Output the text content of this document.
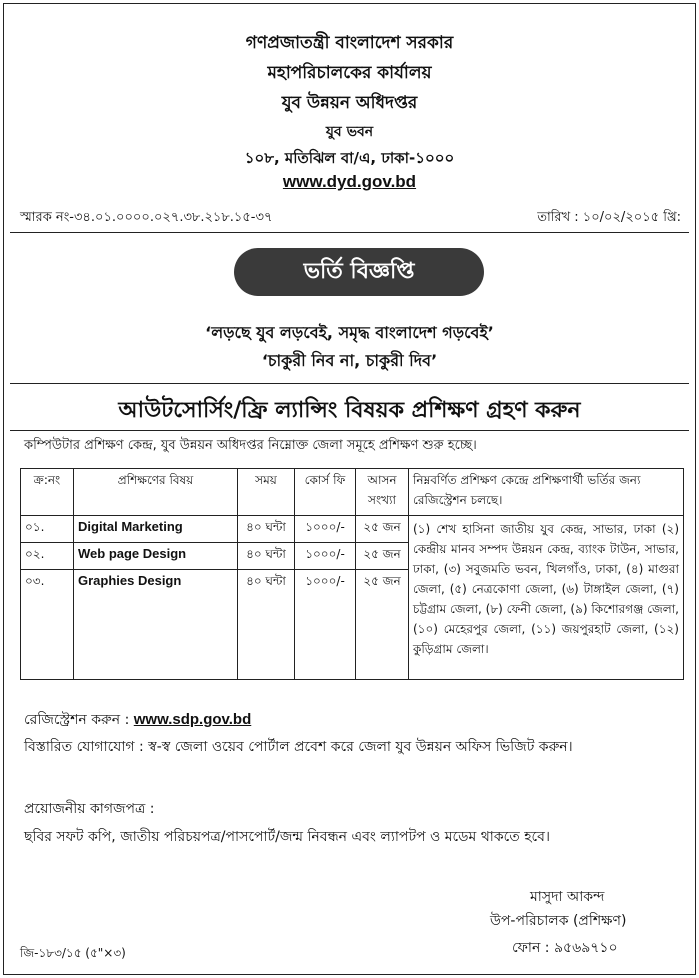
গণপ্রজাতন্ত্রী বাংলাদেশ সরকার
মহাপরিচালকের কার্যালয়
যুব উন্নয়ন অধিদপ্তর
যুব ভবন
১০৮, মতিঝিল বা/এ, ঢাকা-১০০০
www.dyd.gov.bd
স্মারক নং-৩৪.০১.০০০০.০২৭.৩৮.২১৮.১৫-৩৭	তারিখ : ১০/০২/২০১৫ খ্রি:
ভর্তি বিজ্ঞপ্তি
‘লড়ছে যুব লড়বেই, সমৃদ্ধ বাংলাদেশ গড়বেই’
‘চাকুরী নিব না, চাকুরী দিব’
আউটসোর্সিং/ফ্রি ল্যান্সিং বিষয়ক প্রশিক্ষণ গ্রহণ করুন
কম্পিউটার প্রশিক্ষণ কেন্দ্র, যুব উন্নয়ন অধিদপ্তর নিম্নোক্ত জেলা সমূহে প্রশিক্ষণ শুরু হচ্ছে।
ক্র:নং	প্রশিক্ষণের বিষয়	সময়	কোর্স ফি	আসন সংখ্যা	নিম্নবর্ণিত প্রশিক্ষণ কেন্দ্রে প্রশিক্ষণার্থী ভর্তির জন্য রেজিস্ট্রেশন চলছে।
০১.	Digital Marketing	৪০ ঘন্টা	১০০০/-	২৫ জন	(১) শেখ হাসিনা জাতীয় যুব কেন্দ্র, সাভার, ঢাকা (২) কেন্দ্রীয় মানব সম্পদ উন্নয়ন কেন্দ্র, ব্যাংক টাউন, সাভার, ঢাকা, (৩) সবুজমতি ভবন, খিলগাঁও, ঢাকা, (৪) মাগুরা জেলা, (৫) নেত্রকোণা জেলা, (৬) টাঙ্গাইল জেলা, (৭) চট্টগ্রাম জেলা, (৮) ফেনী জেলা, (৯) কিশোরগঞ্জ জেলা, (১০) মেহেরপুর জেলা, (১১) জয়পুরহাট জেলা, (১২) কুড়িগ্রাম জেলা।
০২.	Web page Design	৪০ ঘন্টা	১০০০/-	২৫ জন	
০৩.	Graphies Design	৪০ ঘন্টা	১০০০/-	২৫ জন	
রেজিস্ট্রেশন করুন : www.sdp.gov.bd
বিস্তারিত যোগাযোগ : স্ব-স্ব জেলা ওয়েব পোর্টাল প্রবেশ করে জেলা যুব উন্নয়ন অফিস ভিজিট করুন।
প্রয়োজনীয় কাগজপত্র :
ছবির সফট কপি, জাতীয় পরিচয়পত্র/পাসপোর্ট/জন্ম নিবন্ধন এবং ল্যাপটপ ও মডেম থাকতে হবে।
মাসুদা আকন্দ
উপ-পরিচালক (প্রশিক্ষণ)
ফোন : ৯৫৬৯৭১০
জি-১৮৩/১৫ (৫"×৩)
